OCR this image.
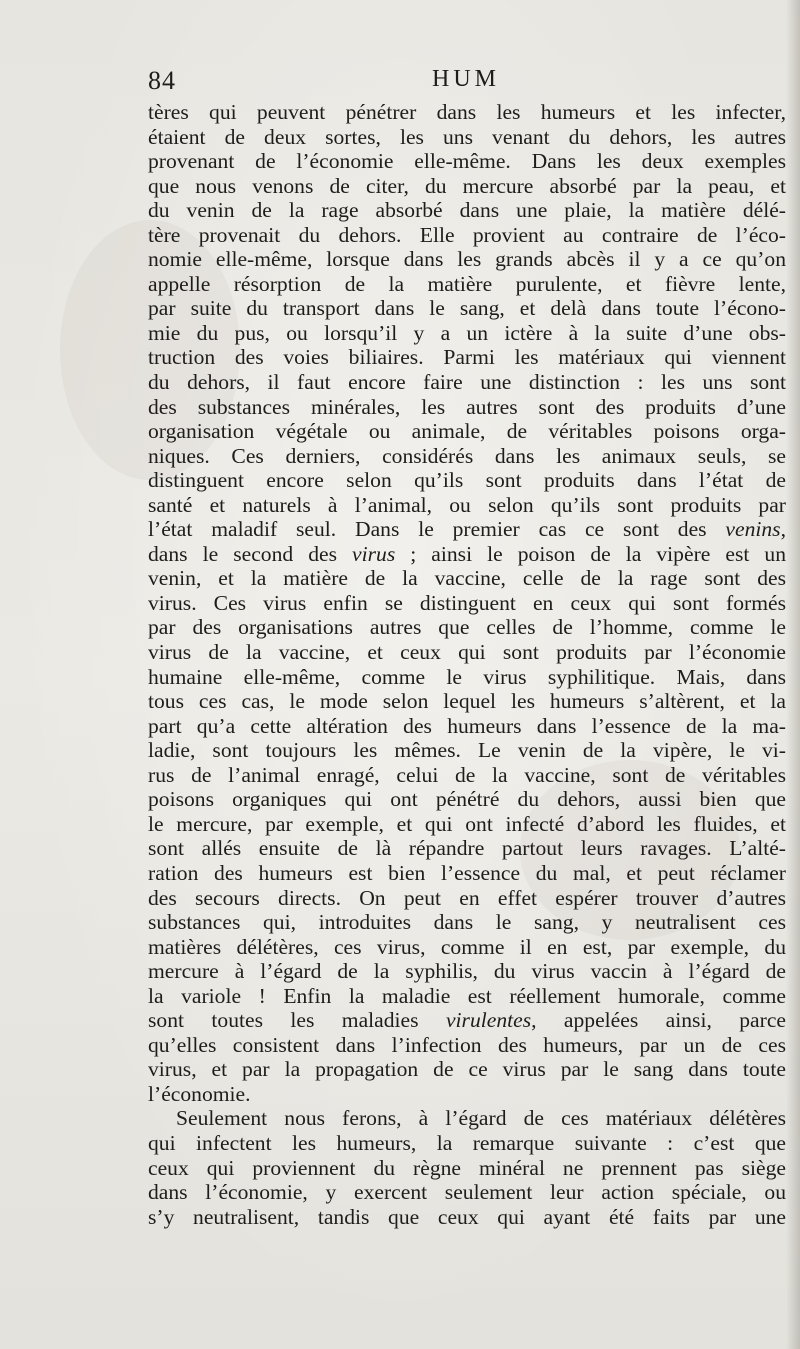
84	HUM
tères qui peuvent pénétrer dans les humeurs et les infecter,
étaient de deux sortes, les uns venant du dehors, les autres
provenant de l’économie elle-même. Dans les deux exemples
que nous venons de citer, du mercure absorbé par la peau, et
du venin de la rage absorbé dans une plaie, la matière délé-
tère provenait du dehors. Elle provient au contraire de l’éco-
nomie elle-même, lorsque dans les grands abcès il y a ce qu’on
appelle résorption de la matière purulente, et fièvre lente,
par suite du transport dans le sang, et delà dans toute l’écono-
mie du pus, ou lorsqu’il y a un ictère à la suite d’une obs-
truction des voies biliaires. Parmi les matériaux qui viennent
du dehors, il faut encore faire une distinction : les uns sont
des substances minérales, les autres sont des produits d’une
organisation végétale ou animale, de véritables poisons orga-
niques. Ces derniers, considérés dans les animaux seuls, se
distinguent encore selon qu’ils sont produits dans l’état de
santé et naturels à l’animal, ou selon qu’ils sont produits par
l’état maladif seul. Dans le premier cas ce sont des venins,
dans le second des virus ; ainsi le poison de la vipère est un
venin, et la matière de la vaccine, celle de la rage sont des
virus. Ces virus enfin se distinguent en ceux qui sont formés
par des organisations autres que celles de l’homme, comme le
virus de la vaccine, et ceux qui sont produits par l’économie
humaine elle-même, comme le virus syphilitique. Mais, dans
tous ces cas, le mode selon lequel les humeurs s’altèrent, et la
part qu’a cette altération des humeurs dans l’essence de la ma-
ladie, sont toujours les mêmes. Le venin de la vipère, le vi-
rus de l’animal enragé, celui de la vaccine, sont de véritables
poisons organiques qui ont pénétré du dehors, aussi bien que
le mercure, par exemple, et qui ont infecté d’abord les fluides, et
sont allés ensuite de là répandre partout leurs ravages. L’alté-
ration des humeurs est bien l’essence du mal, et peut réclamer
des secours directs. On peut en effet espérer trouver d’autres
substances qui, introduites dans le sang, y neutralisent ces
matières délétères, ces virus, comme il en est, par exemple, du
mercure à l’égard de la syphilis, du virus vaccin à l’égard de
la variole ! Enfin la maladie est réellement humorale, comme
sont toutes les maladies virulentes, appelées ainsi, parce
qu’elles consistent dans l’infection des humeurs, par un de ces
virus, et par la propagation de ce virus par le sang dans toute
l’économie.
Seulement nous ferons, à l’égard de ces matériaux délétères
qui infectent les humeurs, la remarque suivante : c’est que
ceux qui proviennent du règne minéral ne prennent pas siège
dans l’économie, y exercent seulement leur action spéciale, ou
s’y neutralisent, tandis que ceux qui ayant été faits par une
